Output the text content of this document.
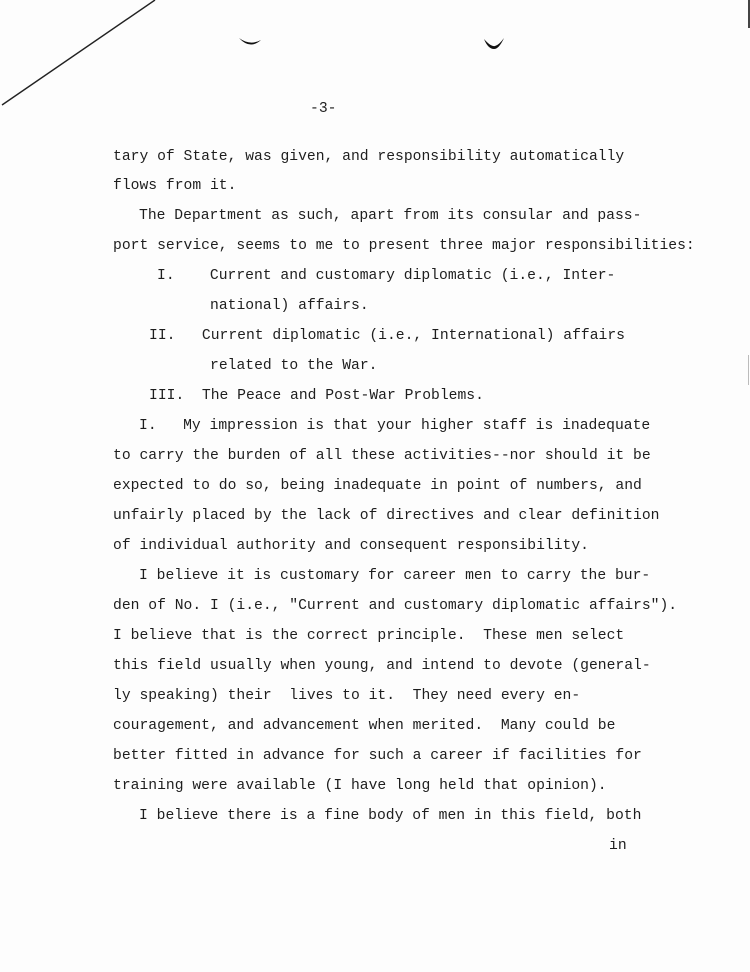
-3-
tary of State, was given, and responsibility automatically
flows from it.
The Department as such, apart from its consular and pass-
port service, seems to me to present three major responsibilities:
I.    Current and customary diplomatic (i.e., Inter-
national) affairs.
II.   Current diplomatic (i.e., International) affairs
related to the War.
III.  The Peace and Post-War Problems.
I.   My impression is that your higher staff is inadequate
to carry the burden of all these activities--nor should it be
expected to do so, being inadequate in point of numbers, and
unfairly placed by the lack of directives and clear definition
of individual authority and consequent responsibility.
I believe it is customary for career men to carry the bur-
den of No. I (i.e., "Current and customary diplomatic affairs").
I believe that is the correct principle.  These men select
this field usually when young, and intend to devote (general-
ly speaking) their  lives to it.  They need every en-
couragement, and advancement when merited.  Many could be
better fitted in advance for such a career if facilities for
training were available (I have long held that opinion).
I believe there is a fine body of men in this field, both
in
